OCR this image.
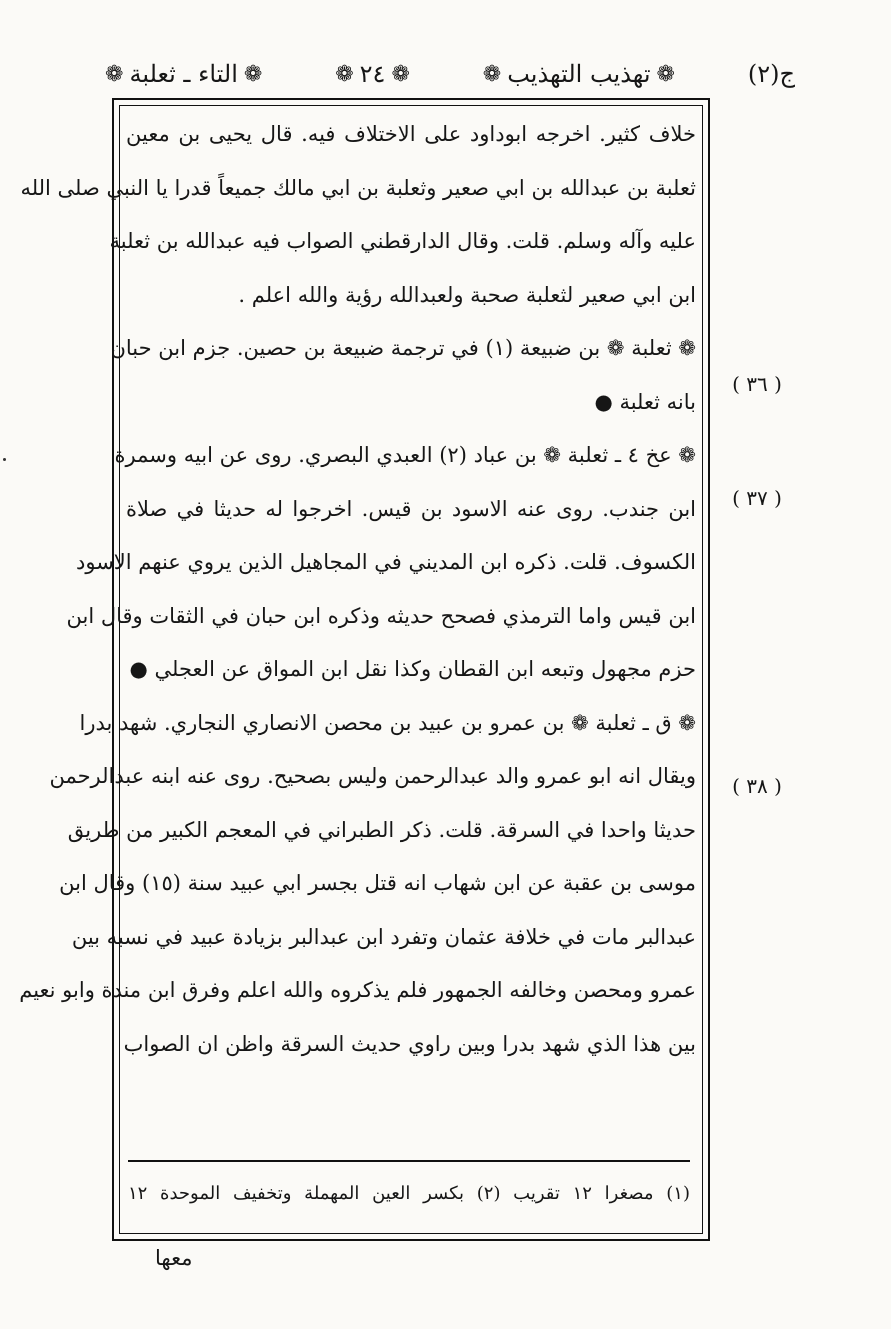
ج(٢)
❁
تهذيب التهذيب
❁
❁
٢٤
❁
❁
التاء ـ ثعلبة
❁
خلاف كثير. اخرجه ابوداود على الاختلاف فيه. قال يحيى بن معين
ثعلبة بن عبدالله بن ابي صعير وثعلبة بن ابي مالك جميعاً قدرا يا النبي صلى الله
عليه وآله وسلم. قلت. وقال الدارقطني الصواب فيه عبدالله بن ثعلبة
ابن ابي صعير لثعلبة صحبة ولعبدالله رؤية والله اعلم .
❁ ثعلبة ❁ بن ضبيعة (١) في ترجمة ضبيعة بن حصين. جزم ابن حبان
بانه ثعلبة ●
❁ عخ ٤ ـ ثعلبة ❁ بن عباد (٢) العبدي البصري. روى عن ابيه وسمرة
ابن جندب. روى عنه الاسود بن قيس. اخرجوا له حديثا في صلاة
الكسوف. قلت. ذكره ابن المديني في المجاهيل الذين يروي عنهم الاسود
ابن قيس واما الترمذي فصحح حديثه وذكره ابن حبان في الثقات وقال ابن
حزم مجهول وتبعه ابن القطان وكذا نقل ابن المواق عن العجلي ●
❁ ق ـ ثعلبة ❁ بن عمرو بن عبيد بن محصن الانصاري النجاري. شهد بدرا
ويقال انه ابو عمرو والد عبدالرحمن وليس بصحيح. روى عنه ابنه عبدالرحمن
حديثا واحدا في السرقة. قلت. ذكر الطبراني في المعجم الكبير من طريق
موسى بن عقبة عن ابن شهاب انه قتل بجسر ابي عبيد سنة (١٥) وقال ابن
عبدالبر مات في خلافة عثمان وتفرد ابن عبدالبر بزيادة عبيد في نسبه بين
عمرو ومحصن وخالفه الجمهور فلم يذكروه والله اعلم وفرق ابن مندة وابو نعيم
بين هذا الذي شهد بدرا وبين راوي حديث السرقة واظن ان الصواب
( ٣٦ )
( ٣٧ )
( ٣٨ )
(١) مصغرا ١٢ تقريب (٢) بكسر العين المهملة وتخفيف الموحدة ١٢
معها
